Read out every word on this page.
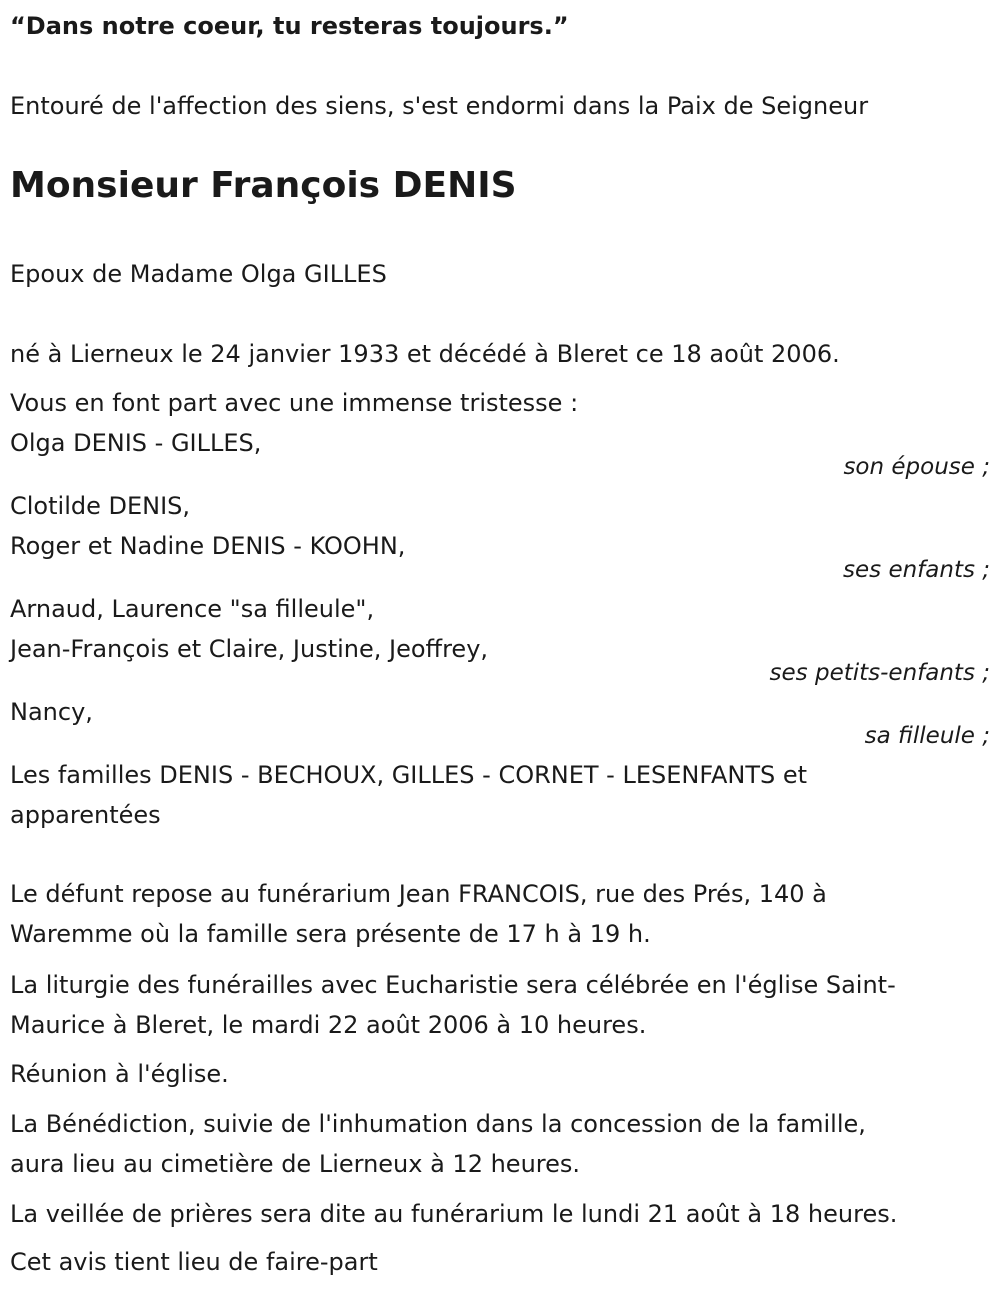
“Dans notre coeur, tu resteras toujours.”
Entouré de l'affection des siens, s'est endormi dans la Paix de Seigneur
Monsieur François DENIS
Epoux de Madame Olga GILLES
né à Lierneux le 24 janvier 1933 et décédé à Bleret ce 18 août 2006.
Vous en font part avec une immense tristesse :
Olga DENIS - GILLES,
son épouse ;
Clotilde DENIS,
Roger et Nadine DENIS - KOOHN,
ses enfants ;
Arnaud, Laurence "sa filleule",
Jean-François et Claire, Justine, Jeoffrey,
ses petits-enfants ;
Nancy,
sa filleule ;
Les familles DENIS - BECHOUX, GILLES - CORNET - LESENFANTS et
apparentées
Le défunt repose au funérarium Jean FRANCOIS, rue des Prés, 140 à
Waremme où la famille sera présente de 17 h à 19 h.
La liturgie des funérailles avec Eucharistie sera célébrée en l'église Saint-
Maurice à Bleret, le mardi 22 août 2006 à 10 heures.
Réunion à l'église.
La Bénédiction, suivie de l'inhumation dans la concession de la famille,
aura lieu au cimetière de Lierneux à 12 heures.
La veillée de prières sera dite au funérarium le lundi 21 août à 18 heures.
Cet avis tient lieu de faire-part
